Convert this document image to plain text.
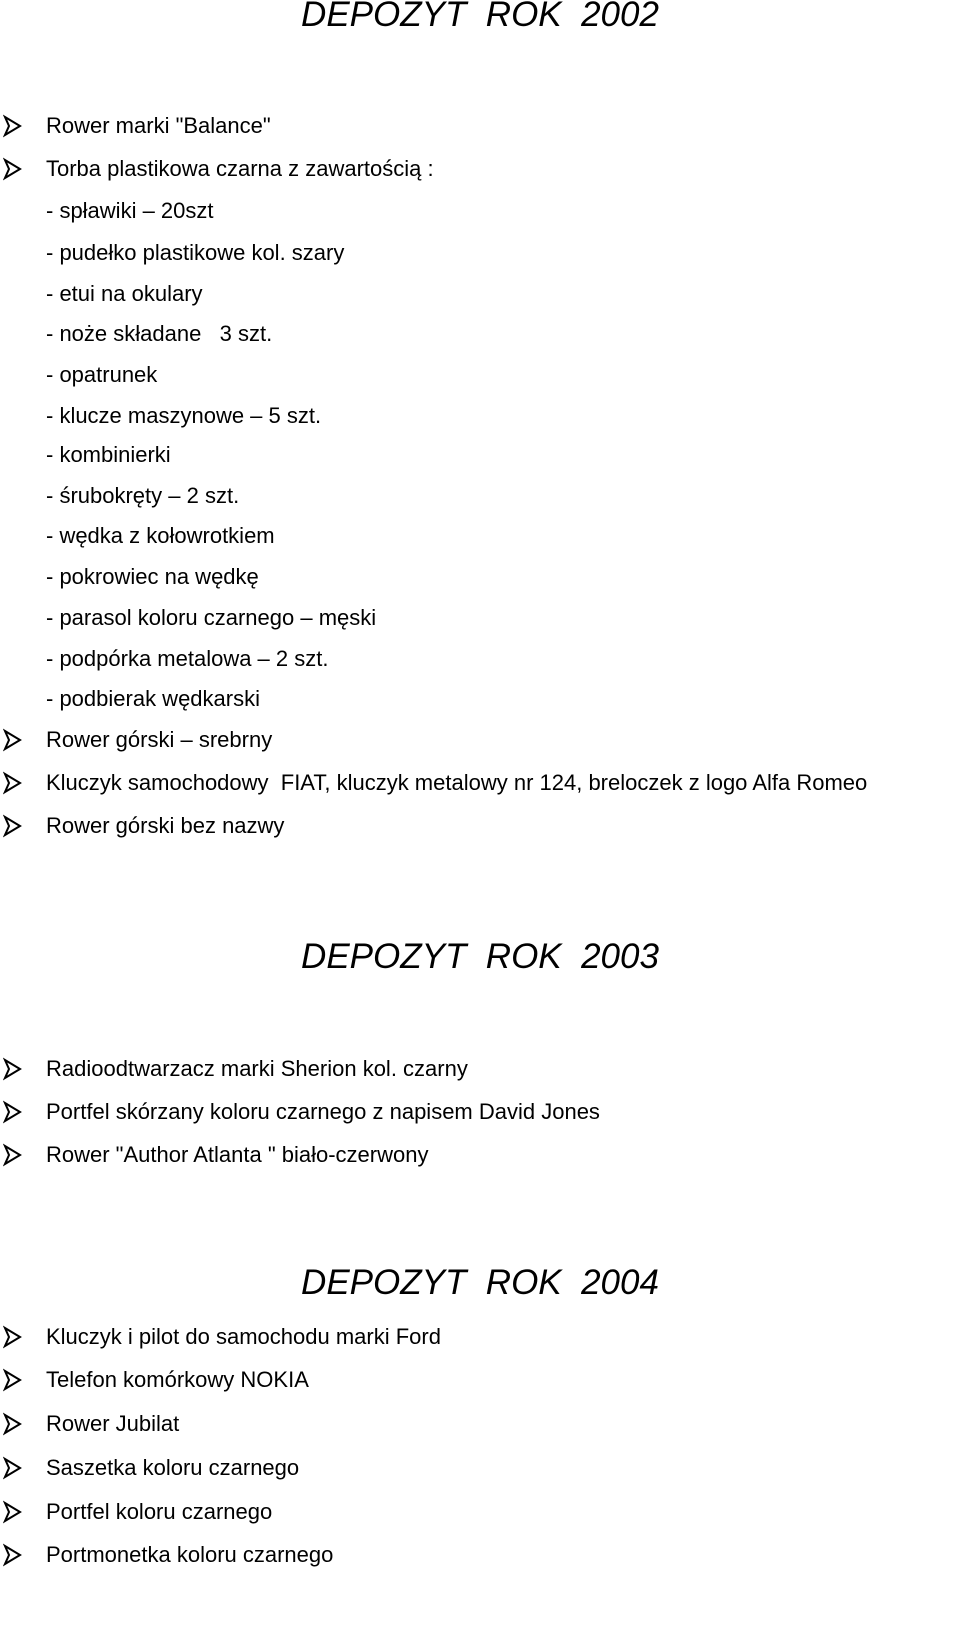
DEPOZYT  ROK  2002
Rower marki "Balance"
Torba plastikowa czarna z zawartością :
- spławiki – 20szt
- pudełko plastikowe kol. szary
- etui na okulary
- noże składane   3 szt.
- opatrunek
- klucze maszynowe – 5 szt.
- kombinierki
- śrubokręty – 2 szt.
- wędka z kołowrotkiem
- pokrowiec na wędkę
- parasol koloru czarnego – męski
- podpórka metalowa – 2 szt.
- podbierak wędkarski
Rower górski – srebrny
Kluczyk samochodowy  FIAT, kluczyk metalowy nr 124, breloczek z logo Alfa Romeo
Rower górski bez nazwy
DEPOZYT  ROK  2003
Radioodtwarzacz marki Sherion kol. czarny
Portfel skórzany koloru czarnego z napisem David Jones
Rower "Author Atlanta " biało-czerwony
DEPOZYT  ROK  2004
Kluczyk i pilot do samochodu marki Ford
Telefon komórkowy NOKIA
Rower Jubilat
Saszetka koloru czarnego
Portfel koloru czarnego
Portmonetka koloru czarnego
